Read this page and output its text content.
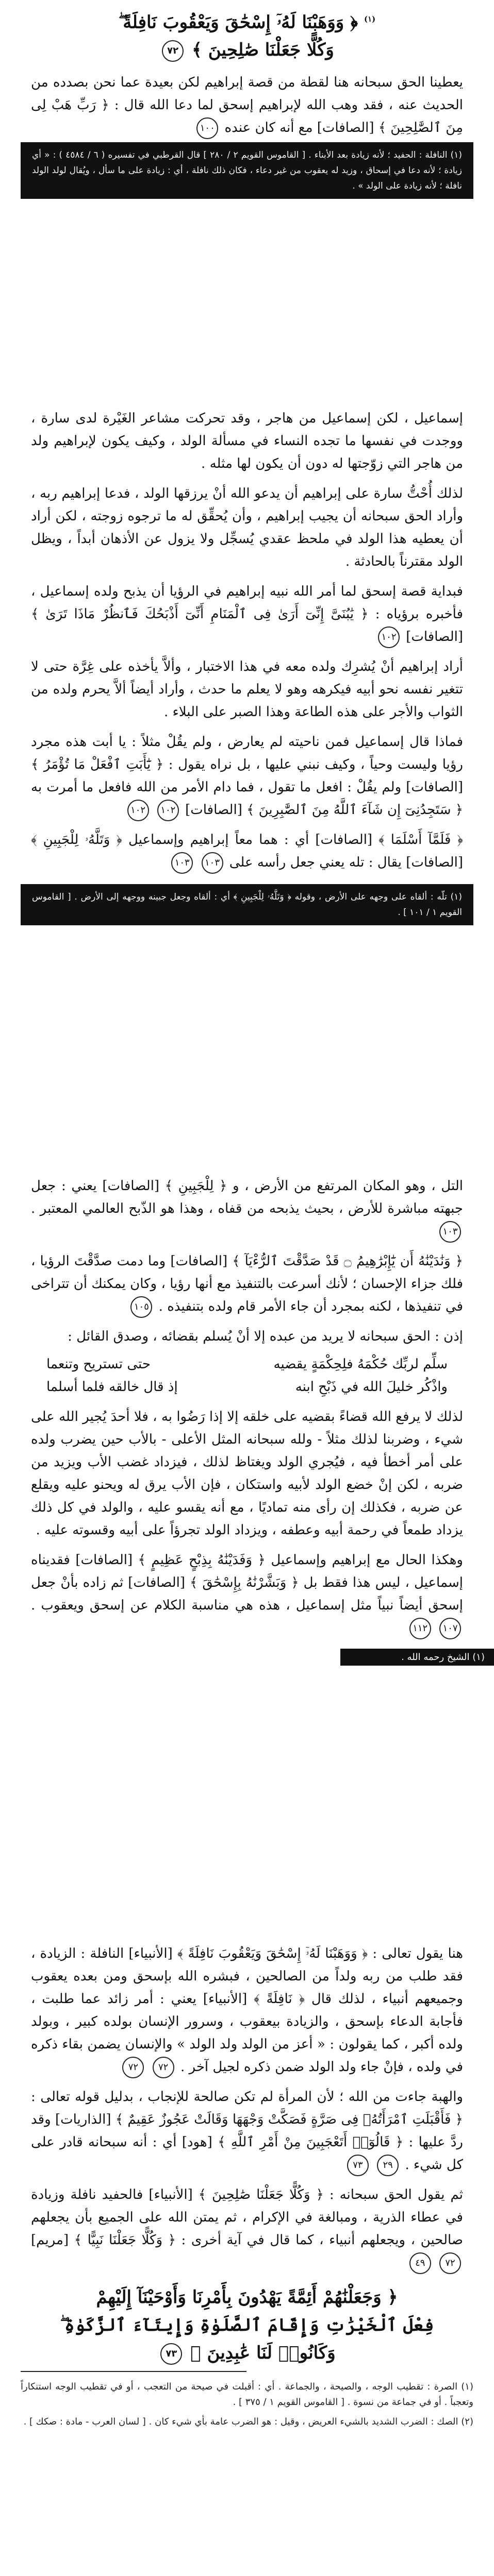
$^{(١)}$ ﴿ وَوَهَبْنَا لَهُۥٓ إِسْحَٰقَ وَيَعْقُوبَ نَافِلَةً ۖ
وَكُلًّا جَعَلْنَا صَٰلِحِينَ ﴾ ٧٢

يعطينا الحق سبحانه هنا لقطة من قصة إبراهيم لكن بعيدة عما نحن بصدده من الحديث عنه ، فقد وهب الله لإبراهيم إسحق لما دعا الله قال : ﴿ رَبِّ هَبْ لِى مِنَ ٱلصَّٰلِحِينَ ﴾ [الصافات] مع أنه كان عنده ١٠٠

(١) النافلة : الحفيد ؛ لأنه زيادة بعد الأبناء . [ القاموس القويم ٢ / ٢٨٠ ] قال القرطبي في تفسيره ( ٦ / ٤٥٨٤ ) : « أي زيادة ؛ لأنه دعا في إسحاق ، وزيد له يعقوب من غير دعاء ، فكان ذلك نافلة ، أي : زيادة على ما سأل ، ويُقال لولد الولد نافلة ؛ لأنه زيادة على الولد » .

إسماعيل ، لكن إسماعيل من هاجر ، وقد تحركت مشاعر الغَيْرة لدى سارة ، ووجدت في نفسها ما تجده النساء في مسألة الولد ، وكيف يكون لإبراهيم ولد من هاجر التي زوّجتها له دون أن يكون لها مثله .

لذلك أُحْتُّ سارة على إبراهيم أن يدعو الله أنْ يرزقها الولد ، فدعا إبراهيم ربه ، وأراد الحق سبحانه أن يجيب إبراهيم ، وأن يُحقِّق له ما ترجوه زوجته ، لكن أراد أن يعطيه هذا الولد في ملحظ عقدي يُسجِّل ولا يزول عن الأذهان أبداً ، ويظل الولد مقترناً بالحادثة .

فبداية قصة إسحق لما أمر الله نبيه إبراهيم في الرؤيا أن يذبح ولده إسماعيل ، فأخبره برؤياه : ﴿ يَٰبُنَىَّ إِنِّىٓ أَرَىٰ فِى ٱلْمَنَامِ أَنِّىٓ أَذْبَحُكَ فَٱنظُرْ مَاذَا تَرَىٰ ﴾ [الصافات] ١٠٢

أراد إبراهيم أنْ يُشرِك ولده معه في هذا الاختبار ، وألاَّ يأخذه على غِرَّة حتى لا تتغير نفسه نحو أبيه فيكرهه وهو لا يعلم ما حدث ، وأراد أيضاً ألاَّ يحرم ولده من الثواب والأجر على هذه الطاعة وهذا الصبر على البلاء .

فماذا قال إسماعيل فمن ناحيته لم يعارض ، ولم يقُلْ مثلاً : يا أبت هذه مجرد رؤيا وليست وحياً ، وكيف نبني عليها ، بل نراه يقول : ﴿ يَٰٓأَبَتِ ٱفْعَلْ مَا تُؤْمَرُ ﴾ [الصافات] ولم يقُلْ : افعل ما تقول ، فما دام الأمر من الله فافعل ما أمرت به ﴿ سَتَجِدُنِىٓ إِن شَآءَ ٱللَّهُ مِنَ ٱلصَّٰبِرِينَ ﴾ [الصافات] ١٠٢ ١٠٢

﴿ فَلَمَّآ أَسْلَمَا ﴾ [الصافات] أي : هما معاً إبراهيم وإسماعيل ﴿ وَتَلَّهُۥ لِلْجَبِينِ ﴾ [الصافات] يقال : تله يعني جعل رأسه على ١٠٣ ١٠٣

(١) تلّه : ألقاه على وجهه على الأرض ، وقوله ﴿ وَتَلَّهُۥ لِلْجَبِينِ ﴾ أي : ألقاه وجعل جبينه ووجهه إلى الأرض . [ القاموس القويم ١ / ١٠١ ] .

التل ، وهو المكان المرتفع من الأرض ، و ﴿ لِلْجَبِينِ ﴾ [الصافات] يعني : جعل جبهته مباشرة للأرض ، بحيث يذبحه من قفاه ، وهذا هو الذّبح العالمي المعتبر . ١٠٣

﴿ وَنَٰدَيْنَٰهُ أَن يَٰٓإِبْرَٰهِيمُ ۝ قَدْ صَدَّقْتَ ٱلرُّءْيَآ ﴾ [الصافات] وما دمت صدَّقْتَ الرؤيا ، فلك جزاء الإحسان ؛ لأنك أسرعت بالتنفيذ مع أنها رؤيا ، وكان يمكنك أن تتراخى في تنفيذها ، لكنه بمجرد أن جاء الأمر قام ولده بتنفيذه . ١٠٥

إذن : الحق سبحانه لا يريد من عبده إلا أنْ يُسلم بقضائه ، وصدق القائل :

سلِّم لربِّك حُكْمَهُ فلِحِكْمَةٍ يقضيه
حتى تستريح وتنعما
واذْكُر خليلَ الله في ذَبْحِ ابنه
إذ قال خالقه فلما أسلما

لذلك لا يرفع الله قضاءً بقضيه على خلقه إلا إذا رَضُوا به ، فلا أحدَ يُجير الله على شيء ، وضربنا لذلك مثلاً - ولله سبحانه المثل الأعلى - بالأب حين يضرب ولده على أمر أخطأ فيه ، فيُجري الولد ويغتاظ لذلك ، فيزداد غضب الأب ويزيد من ضربه ، لكن إنْ خضع الولد لأبيه واستكان ، فإن الأب يرق له ويحنو عليه ويقلع عن ضربه ، فكذلك إن رأى منه تماديًا ، مع أنه يقسو عليه ، والولد في كل ذلك يزداد طمعاً في رحمة أبيه وعطفه ، ويزداد الولد تجرؤاً على أبيه وقسوته عليه .

وهكذا الحال مع إبراهيم وإسماعيل ﴿ وَفَدَيْنَٰهُ بِذِبْحٍ عَظِيمٍ ﴾ [الصافات] فقديناه إسماعيل ، ليس هذا فقط بل ﴿ وَبَشَّرْنَٰهُ بِإِسْحَٰقَ ﴾ [الصافات] ثم زاده بأنْ جعل إسحق أيضاً نبياً مثل إسماعيل ، هذه هي مناسبة الكلام عن إسحق ويعقوب . ١٠٧ ١١٢

(١) الشيخ رحمه الله .

هنا يقول تعالى : ﴿ وَوَهَبْنَا لَهُۥٓ إِسْحَٰقَ وَيَعْقُوبَ نَافِلَةً ﴾ [الأنبياء] النافلة : الزيادة ، فقد طلب من ربه ولداً من الصالحين ، فبشره الله بإسحق ومن بعده يعقوب وجميعهم أنبياء ، لذلك قال ﴿ نَافِلَةً ﴾ [الأنبياء] يعني : أمر زائد عما طلبت ، فأجابة الدعاء بإسحق ، والزيادة بيعقوب ، وسرور الإنسان بولده كبير ، وبولد ولده أكبر ، كما يقولون : « أعز من الولد ولد الولد » والإنسان يضمن بقاء ذكره في ولده ، فإنْ جاء ولد الولد ضمن ذكره لجيل آخر . ٧٢ ٧٢

والهبة جاءت من الله ؛ لأن المرأة لم تكن صالحة للإنجاب ، بدليل قوله تعالى : ﴿ فَأَقْبَلَتِ ٱمْرَأَتُهُۥ فِى صَرَّةٍ فَصَكَّتْ وَجْهَهَا وَقَالَتْ عَجُوزٌ عَقِيمٌ ﴾ [الذاريات] وقد ردَّ عليها : ﴿ قَالُوٓا۟ أَتَعْجَبِينَ مِنْ أَمْرِ ٱللَّهِ ﴾ [هود] أي : أنه سبحانه قادر على كل شيء . ٢٩ ٧٣

ثم يقول الحق سبحانه : ﴿ وَكُلًّا جَعَلْنَا صَٰلِحِينَ ﴾ [الأنبياء] فالحفيد نافلة وزيادة في عطاء الذرية ، ومبالغة في الإكرام ، ثم يمتن الله على الجميع بأن يجعلهم صالحين ، ويجعلهم أنبياء ، كما قال في آية أخرى : ﴿ وَكُلًّا جَعَلْنَا نَبِيًّا ﴾ [مريم] ٧٢ ٤٩

﴿ وَجَعَلْنَٰهُمْ أَئِمَّةً يَهْدُونَ بِأَمْرِنَا وَأَوْحَيْنَآ إِلَيْهِمْ
فِعْلَ ٱلْخَيْرَٰتِ وَإِقَامَ ٱلصَّلَوٰةِ وَإِيتَآءَ ٱلزَّكَوٰةِ ۖ
وَكَانُوا۟ لَنَا عَٰبِدِينَ ﴾ ٧٣

(١) الصرة : تقطيب الوجه ، والصيحة ، والجماعة . أي : أقبلت في صيحة من التعجب ، أو في تقطيب الوجه استنكاراً وتعجباً . أو في جماعة من نسوة . [ القاموس القويم ١ / ٣٧٥ ] .

(٢) الصك : الضرب الشديد بالشيء العريض ، وقيل : هو الضرب عامة بأي شيء كان . [ لسان العرب - مادة : صكك ] .
